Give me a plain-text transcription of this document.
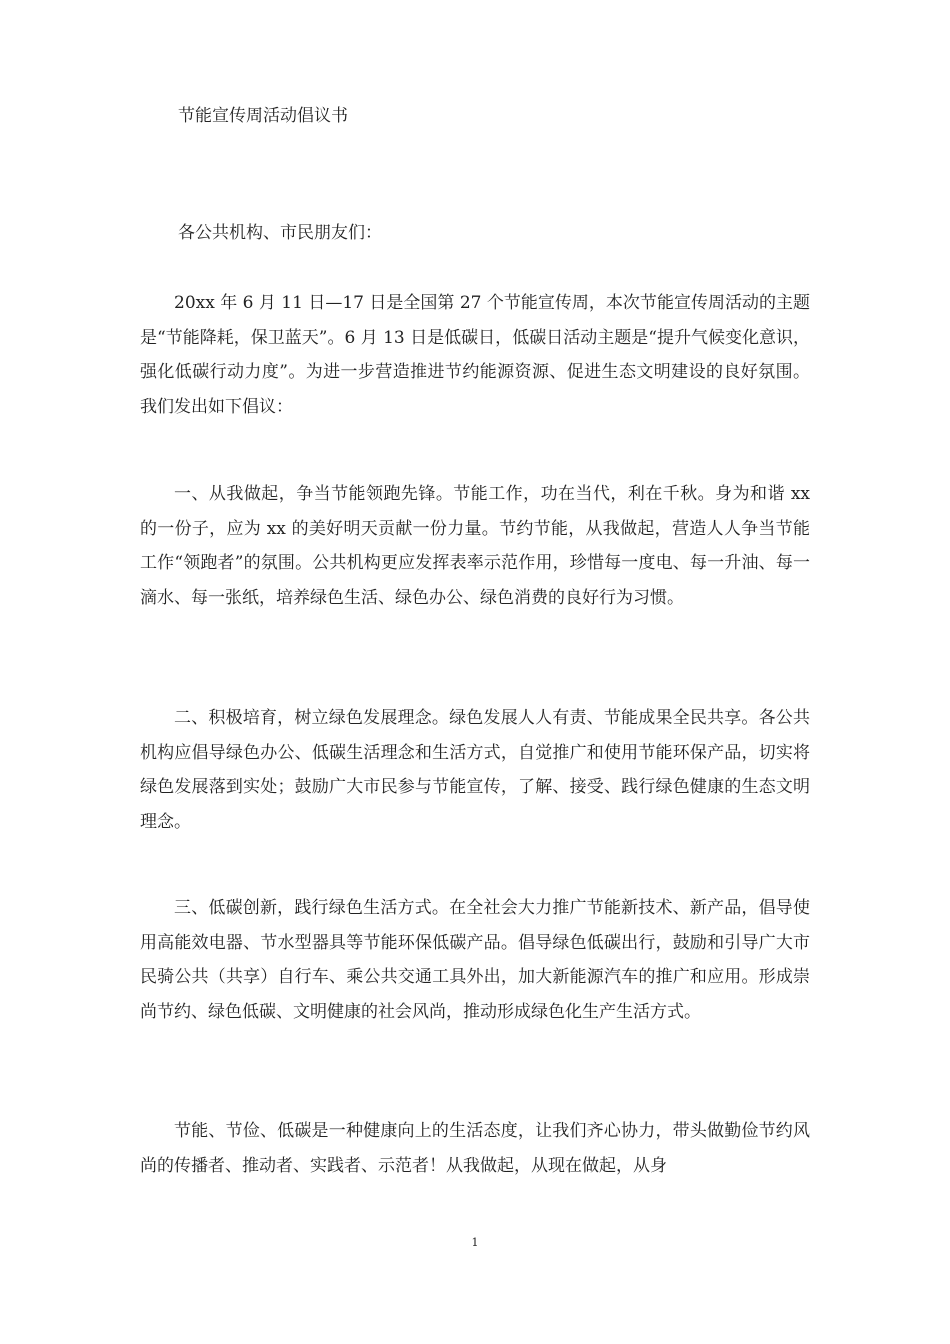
节能宣传周活动倡议书
各公共机构、市民朋友们：

20xx 年 6 月 11 日—17 日是全国第 27 个节能宣传周，本次节能宣传周活动的主题是“节能降耗，保卫蓝天”。6 月 13 日是低碳日，低碳日活动主题是“提升气候变化意识，强化低碳行动力度”。为进一步营造推进节约能源资源、促进生态文明建设的良好氛围。我们发出如下倡议：

一、从我做起，争当节能领跑先锋。节能工作，功在当代，利在千秋。身为和谐 xx 的一份子，应为 xx 的美好明天贡献一份力量。节约节能，从我做起，营造人人争当节能工作“领跑者”的氛围。公共机构更应发挥表率示范作用，珍惜每一度电、每一升油、每一滴水、每一张纸，培养绿色生活、绿色办公、绿色消费的良好行为习惯。

二、积极培育，树立绿色发展理念。绿色发展人人有责、节能成果全民共享。各公共机构应倡导绿色办公、低碳生活理念和生活方式，自觉推广和使用节能环保产品，切实将绿色发展落到实处；鼓励广大市民参与节能宣传，了解、接受、践行绿色健康的生态文明理念。

三、低碳创新，践行绿色生活方式。在全社会大力推广节能新技术、新产品，倡导使用高能效电器、节水型器具等节能环保低碳产品。倡导绿色低碳出行，鼓励和引导广大市民骑公共（共享）自行车、乘公共交通工具外出，加大新能源汽车的推广和应用。形成崇尚节约、绿色低碳、文明健康的社会风尚，推动形成绿色化生产生活方式。

节能、节俭、低碳是一种健康向上的生活态度，让我们齐心协力，带头做勤俭节约风尚的传播者、推动者、实践者、示范者！从我做起，从现在做起，从身

1
